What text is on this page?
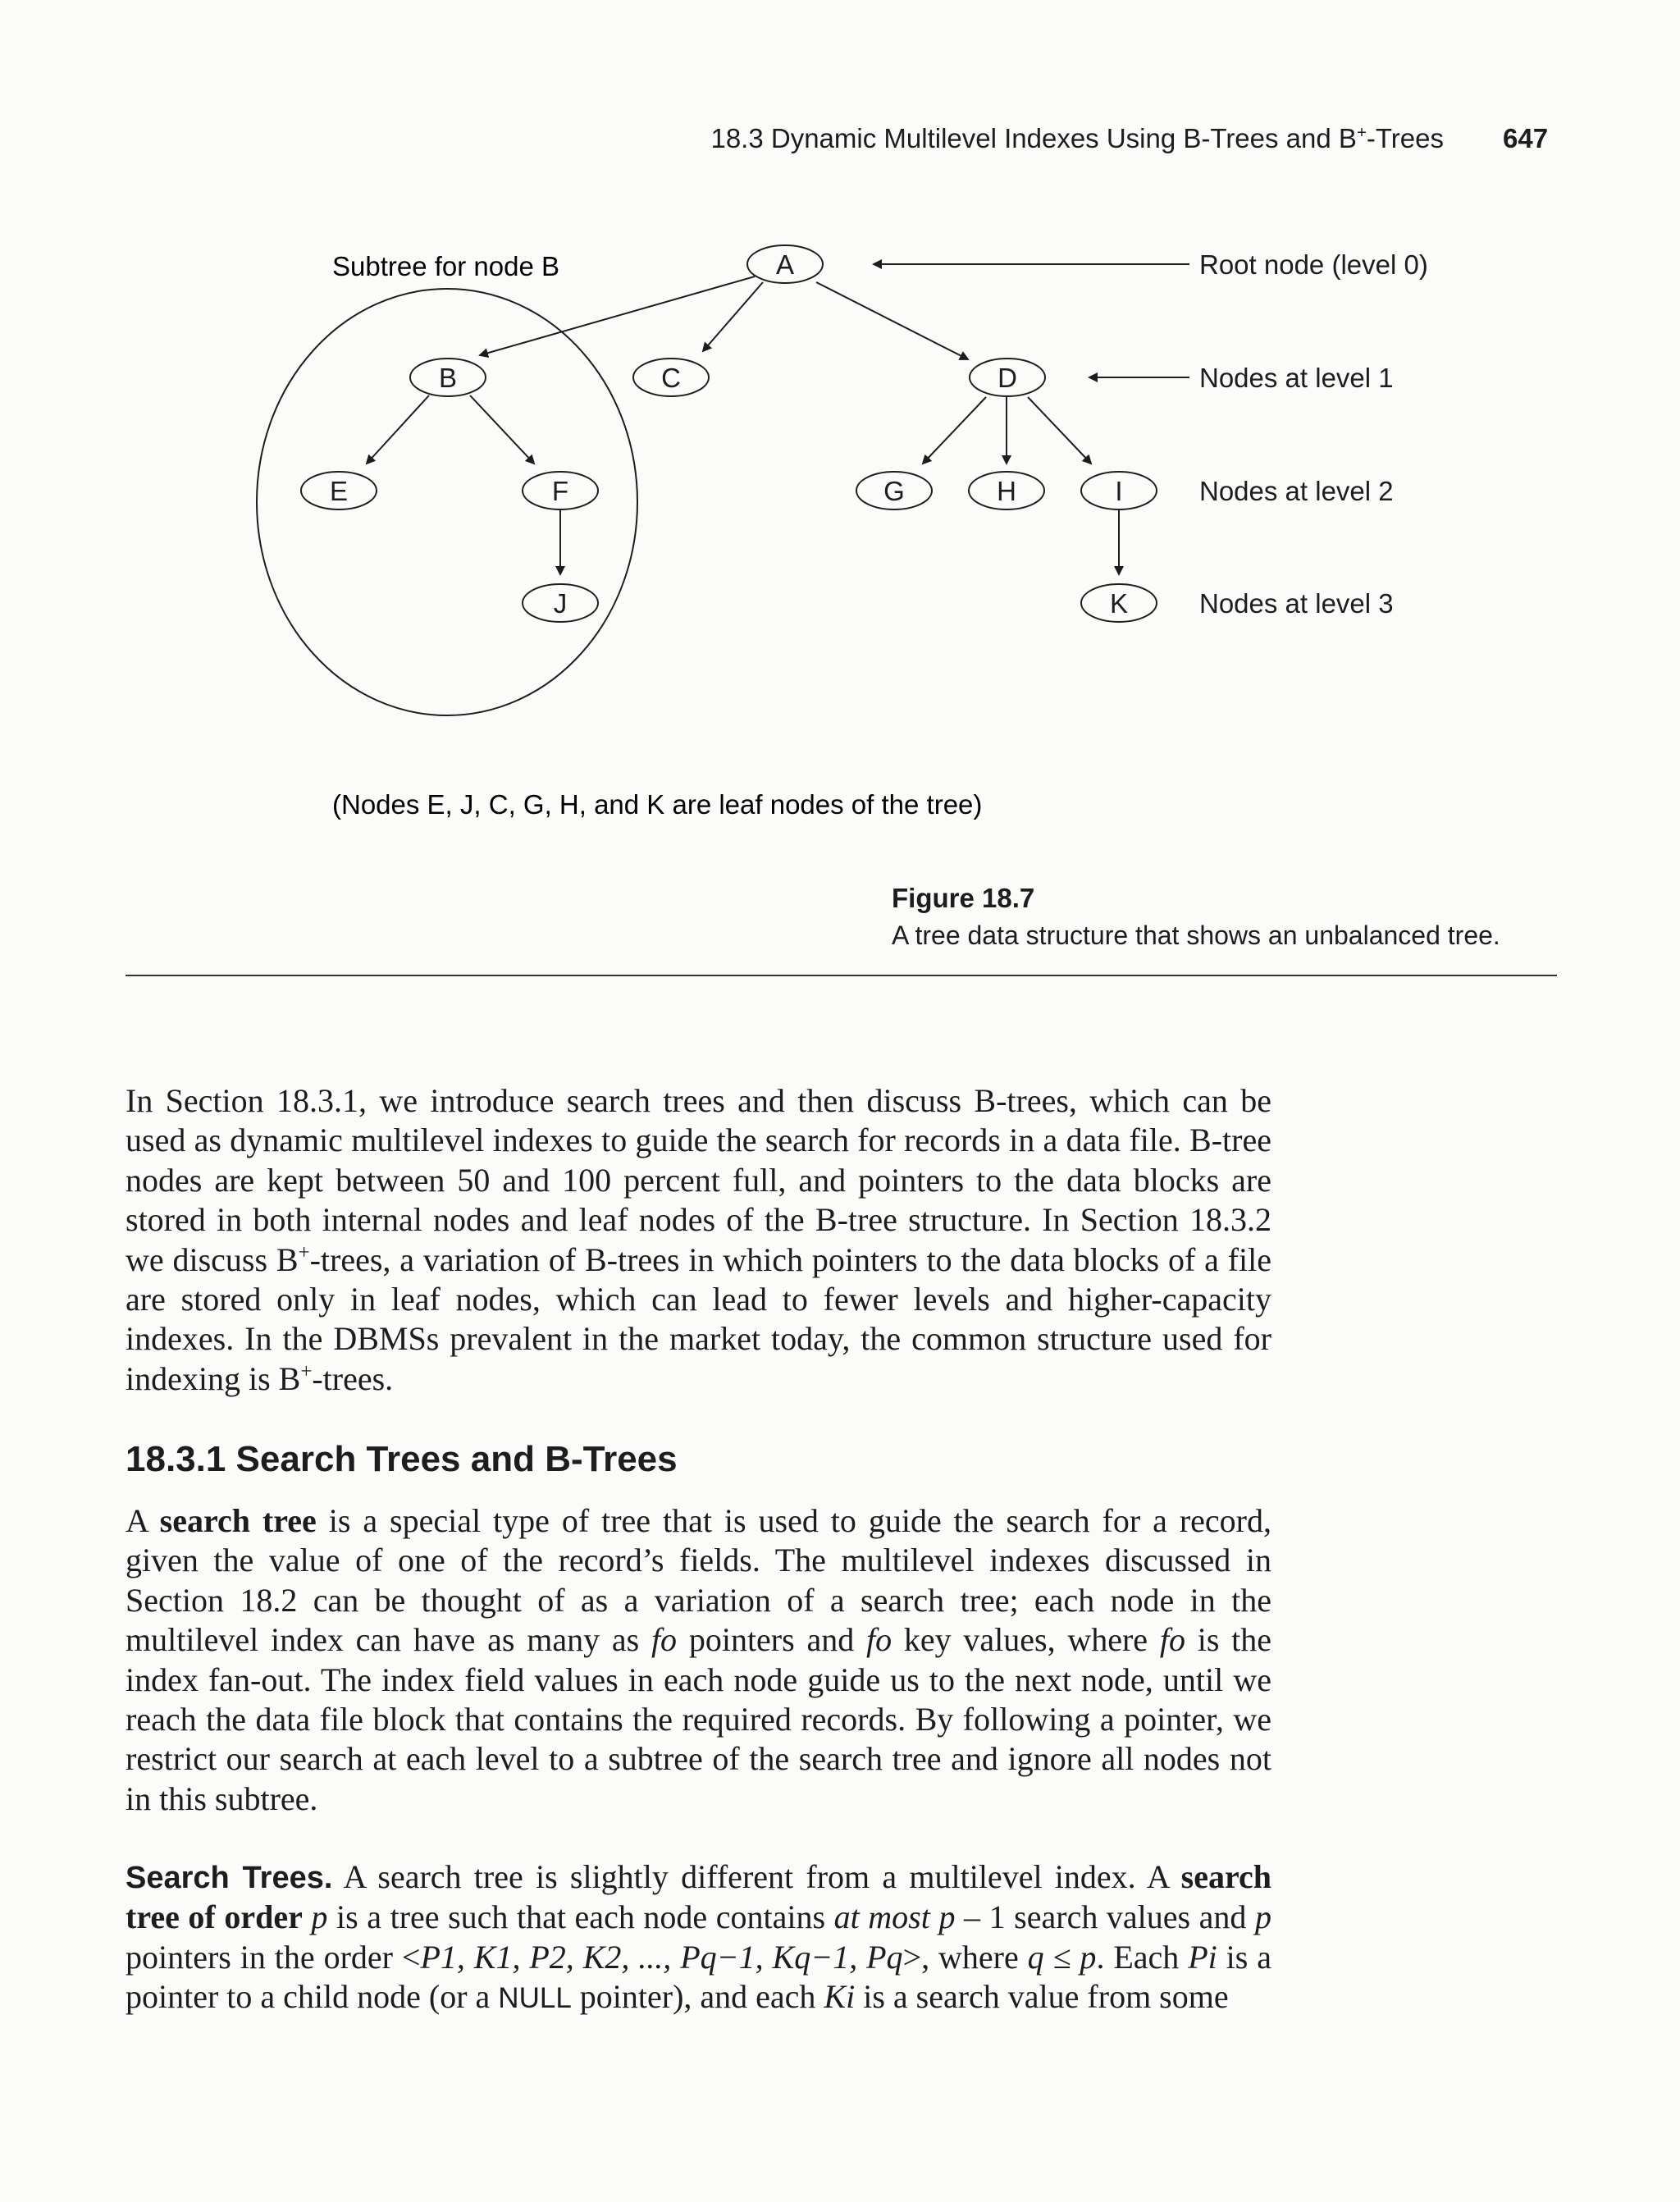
18.3 Dynamic Multilevel Indexes Using B-Trees and B+-Trees 647
Subtree for node B	A
B	C	D
E	F	G	H	I
J	K
Root node (level 0)
Nodes at level 1
Nodes at level 2
Nodes at level 3
(Nodes E, J, C, G, H, and K are leaf nodes of the tree)
Figure 18.7
A tree data structure that shows an unbalanced tree.

In Section 18.3.1, we introduce search trees and then discuss B-trees, which can be used as dynamic multilevel indexes to guide the search for records in a data file. B-tree nodes are kept between 50 and 100 percent full, and pointers to the data blocks are stored in both internal nodes and leaf nodes of the B-tree structure. In Section 18.3.2 we discuss B+-trees, a variation of B-trees in which pointers to the data blocks of a file are stored only in leaf nodes, which can lead to fewer levels and higher-capacity indexes. In the DBMSs prevalent in the market today, the common structure used for indexing is B+-trees.

18.3.1 Search Trees and B-Trees

A search tree is a special type of tree that is used to guide the search for a record, given the value of one of the record’s fields. The multilevel indexes discussed in Section 18.2 can be thought of as a variation of a search tree; each node in the multilevel index can have as many as fo pointers and fo key values, where fo is the index fan-out. The index field values in each node guide us to the next node, until we reach the data file block that contains the required records. By following a pointer, we restrict our search at each level to a subtree of the search tree and ignore all nodes not in this subtree.

Search Trees. A search tree is slightly different from a multilevel index. A search tree of order p is a tree such that each node contains at most p – 1 search values and p pointers in the order <P1, K1, P2, K2, ..., Pq−1, Kq−1, Pq>, where q ≤ p. Each Pi is a pointer to a child node (or a NULL pointer), and each Ki is a search value from some
